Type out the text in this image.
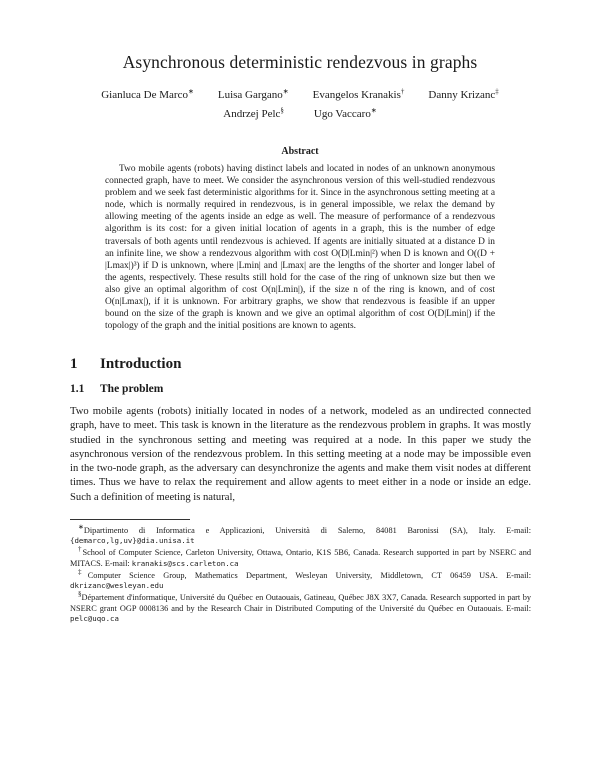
Asynchronous deterministic rendezvous in graphs
Gianluca De Marco∗ Luisa Gargano∗ Evangelos Kranakis† Danny Krizanc‡
Andrzej Pelc§	Ugo Vaccaro∗
Abstract

Two mobile agents (robots) having distinct labels and located in nodes of an unknown anonymous connected graph, have to meet. We consider the asynchronous version of this well-studied rendezvous problem and we seek fast deterministic algorithms for it. Since in the asynchronous setting meeting at a node, which is normally required in rendezvous, is in general impossible, we relax the demand by allowing meeting of the agents inside an edge as well. The measure of performance of a rendezvous algorithm is its cost: for a given initial location of agents in a graph, this is the number of edge traversals of both agents until rendezvous is achieved. If agents are initially situated at a distance D in an infinite line, we show a rendezvous algorithm with cost O(D|Lmin|²) when D is known and O((D + |Lmax|)³) if D is unknown, where |Lmin| and |Lmax| are the lengths of the shorter and longer label of the agents, respectively. These results still hold for the case of the ring of unknown size but then we also give an optimal algorithm of cost O(n|Lmin|), if the size n of the ring is known, and of cost O(n|Lmax|), if it is unknown. For arbitrary graphs, we show that rendezvous is feasible if an upper bound on the size of the graph is known and we give an optimal algorithm of cost O(D|Lmin|) if the topology of the graph and the initial positions are known to agents.

1 Introduction
1.1 The problem

Two mobile agents (robots) initially located in nodes of a network, modeled as an undirected connected graph, have to meet. This task is known in the literature as the rendezvous problem in graphs. It was mostly studied in the synchronous setting and meeting was required at a node. In this paper we study the asynchronous version of the rendezvous problem. In this setting meeting at a node may be impossible even in the two-node graph, as the adversary can desynchronize the agents and make them visit nodes at different times. Thus we have to relax the requirement and allow agents to meet either in a node or inside an edge. Such a definition of meeting is natural,

∗Dipartimento di Informatica e Applicazioni, Università di Salerno, 84081 Baronissi (SA), Italy. E-mail: {demarco,lg,uv}@dia.unisa.it

†School of Computer Science, Carleton University, Ottawa, Ontario, K1S 5B6, Canada. Research supported in part by NSERC and MITACS. E-mail: kranakis@scs.carleton.ca

‡Computer Science Group, Mathematics Department, Wesleyan University, Middletown, CT 06459 USA. E-mail: dkrizanc@wesleyan.edu

§Département d'informatique, Université du Québec en Outaouais, Gatineau, Québec J8X 3X7, Canada. Research supported in part by NSERC grant OGP 0008136 and by the Research Chair in Distributed Computing of the Université du Québec en Outaouais. E-mail: pelc@uqo.ca
